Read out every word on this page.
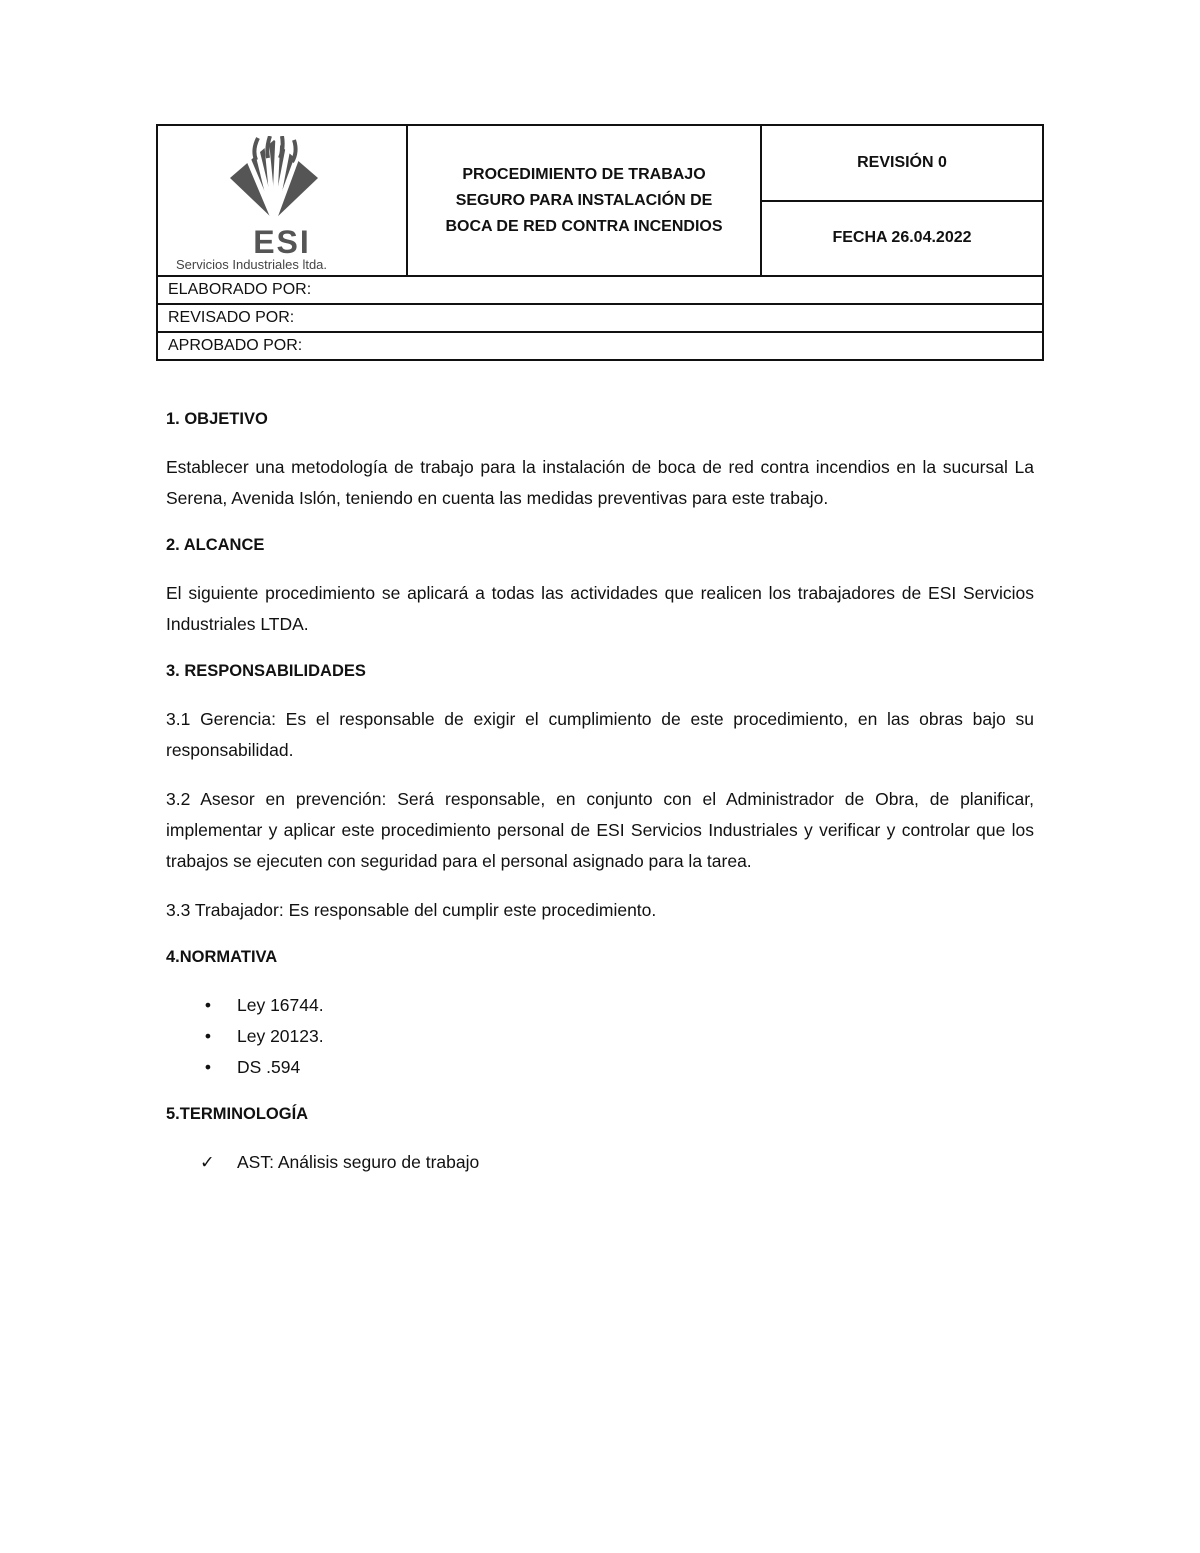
ESI
Servicios Industriales ltda.
PROCEDIMIENTO DE TRABAJO SEGURO PARA INSTALACIÓN DE BOCA DE RED CONTRA INCENDIOS
REVISIÓN 0
FECHA 26.04.2022
ELABORADO POR:
REVISADO POR:
APROBADO POR:
1. OBJETIVO
Establecer una metodología de trabajo para la instalación de boca de red contra incendios en la sucursal La Serena, Avenida Islón, teniendo en cuenta las medidas preventivas para este trabajo.
2. ALCANCE
El siguiente procedimiento se aplicará a todas las actividades que realicen los trabajadores de ESI Servicios Industriales LTDA.
3. RESPONSABILIDADES
3.1 Gerencia: Es el responsable de exigir el cumplimiento de este procedimiento, en las obras bajo su responsabilidad.
3.2 Asesor en prevención: Será responsable, en conjunto con el Administrador de Obra, de planificar, implementar y aplicar este procedimiento personal de ESI Servicios Industriales y verificar y controlar que los trabajos se ejecuten con seguridad para el personal asignado para la tarea.
3.3 Trabajador: Es responsable del cumplir este procedimiento.
4.NORMATIVA
• Ley 16744.
• Ley 20123.
• DS .594
5.TERMINOLOGÍA
✓ AST: Análisis seguro de trabajo
